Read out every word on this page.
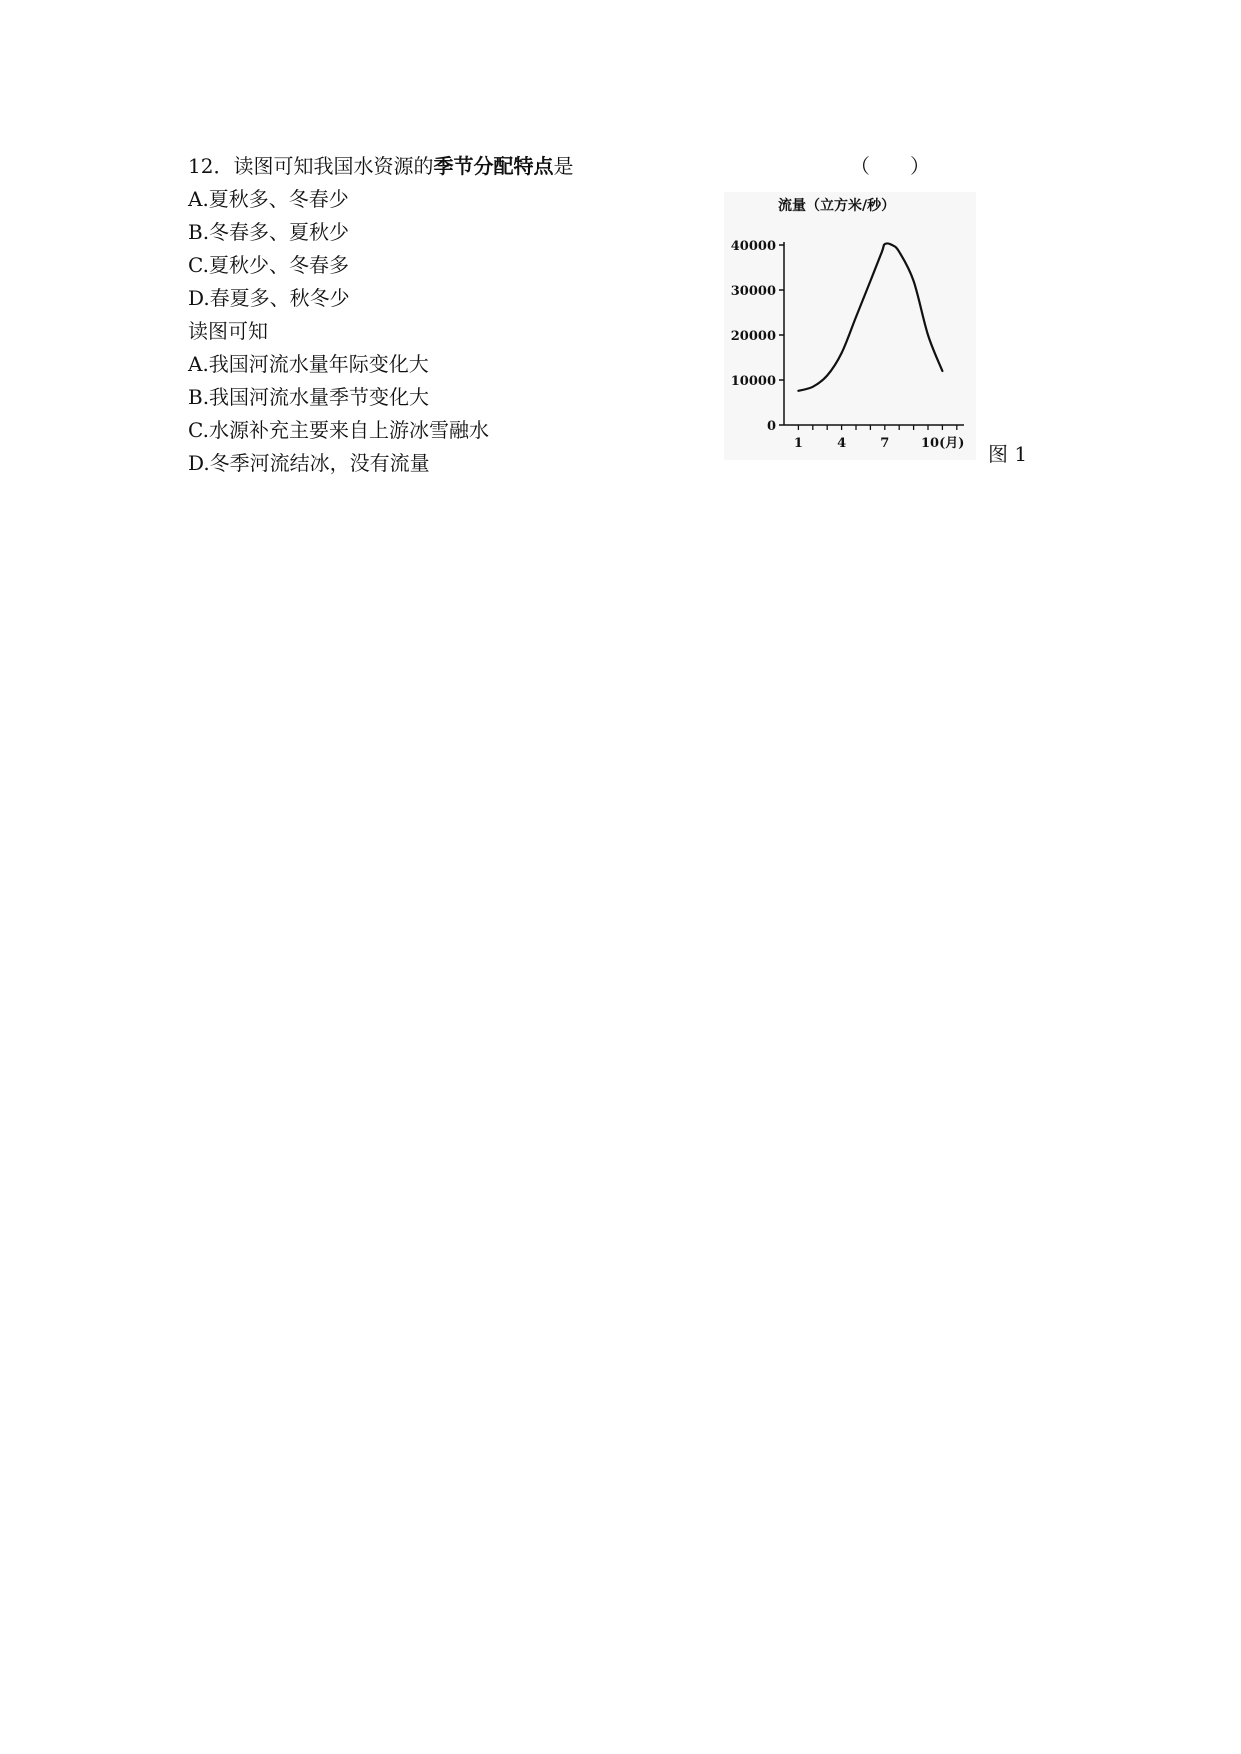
12．读图可知我国水资源的季节分配特点是	（　　）
A.夏秋多、冬春少
B.冬春多、夏秋少
C.夏秋少、冬春多
D.春夏多、秋冬少
读图可知
A.我国河流水量年际变化大
B.我国河流水量季节变化大
C.水源补充主要来自上游冰雪融水
D.冬季河流结冰，没有流量
流量（立方米/秒）
40000
30000
20000
10000
0
1	4	7 10(月) 图 1
